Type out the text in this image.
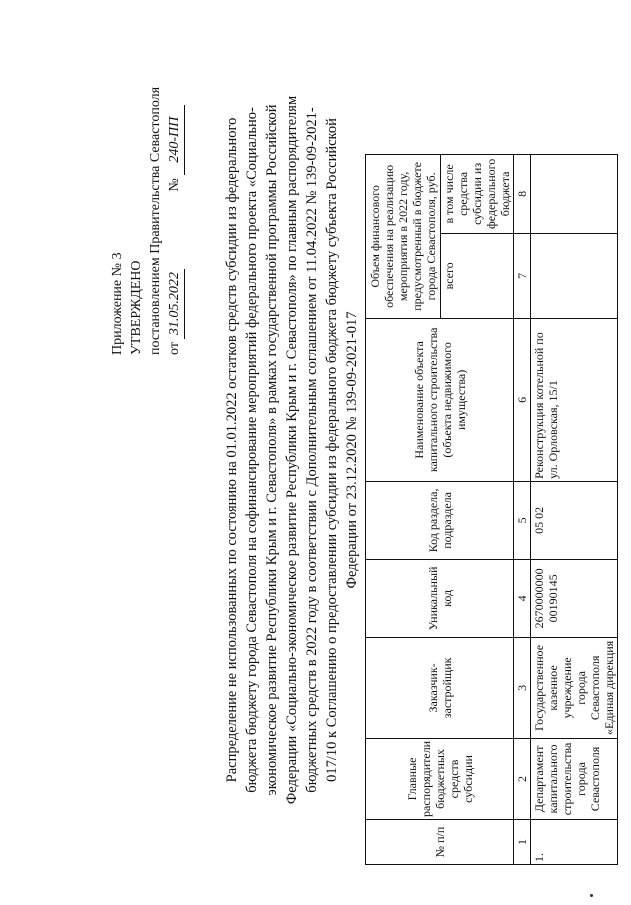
Приложение № 3 УТВЕРЖДЕНО постановлением Правительства Севастополя от 31.05.2022  № 240-ПП	Распределение не использованных по состоянию на 01.01.2022 остатков средств субсидии из федерального бюджета бюджету города Севастополя на софинансирование мероприятий федерального проекта «Социально-экономическое развитие Республики Крым и г. Севастополя» в рамках государственной программы Российской Федерации «Социально-экономическое развитие Республики Крым и г. Севастополя» по главным распорядителям бюджетных средств в 2022 году в соответствии с Дополнительным соглашением от 11.04.2022 № 139-09-2021-017/10 к Соглашению о предоставлении субсидии из федерального бюджета бюджету субъекта Российской Федерации от 23.12.2020 № 139-09-2021-017
№ п/п	Главные распорядители бюджетных средств субсидии	Заказчик-застройщик	Уникальный код	Код раздела, подраздела	Наименование объекта капитального строительства (объекта недвижимого имущества)	Объем финансового обеспечения на реализацию мероприятия в 2022 году, предусмотренный в бюджете города Севастополя, руб.	
						всего	в том числе средства субсидии из федерального бюджета
1	2	3	4	5	6	7	8
1.	Департамент капитального строительства города Севастополя	Государственное казенное учреждение города Севастополя «Единая дирекция	2670000000 00190145	05 02	Реконструкция котельной по ул. Орловская, 15/1		
